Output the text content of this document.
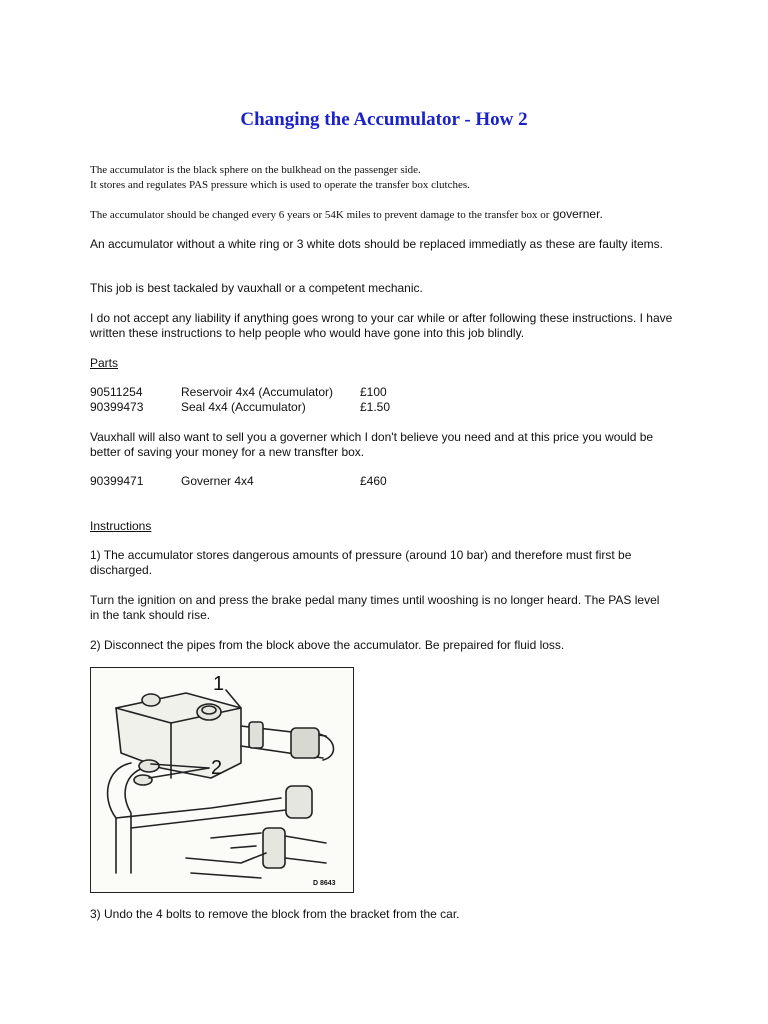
Changing the Accumulator - How 2

The accumulator is the black sphere on the bulkhead on the passenger side.
It stores and regulates PAS pressure which is used to operate the transfer box clutches.

The accumulator should be changed every 6 years or 54K miles to prevent damage to the transfer box or governer.

An accumulator without a white ring or 3 white dots should be replaced immediatly as these are faulty items.

This job is best tackaled by vauxhall or a competent mechanic.

I do not accept any liability if anything goes wrong to your car while or after following these instructions. I have written these instructions to help people who would have gone into this job blindly.

Parts

90511254	Reservoir 4x4 (Accumulator) £100
90399473	Seal 4x4 (Accumulator)	£1.50

Vauxhall will also want to sell you a governer which I don't believe you need and at this price you would be better of saving your money for a new transfter box.

90399471	Governer 4x4	£460

Instructions

1) The accumulator stores dangerous amounts of pressure (around 10 bar) and therefore must first be discharged.

Turn the ignition on and press the brake pedal many times until wooshing is no longer heard. The PAS level in the tank should rise.

2) Disconnect the pipes from the block above the accumulator. Be prepaired for fluid loss.

1
2
D 8643

3) Undo the 4 bolts to remove the block from the bracket from the car.
